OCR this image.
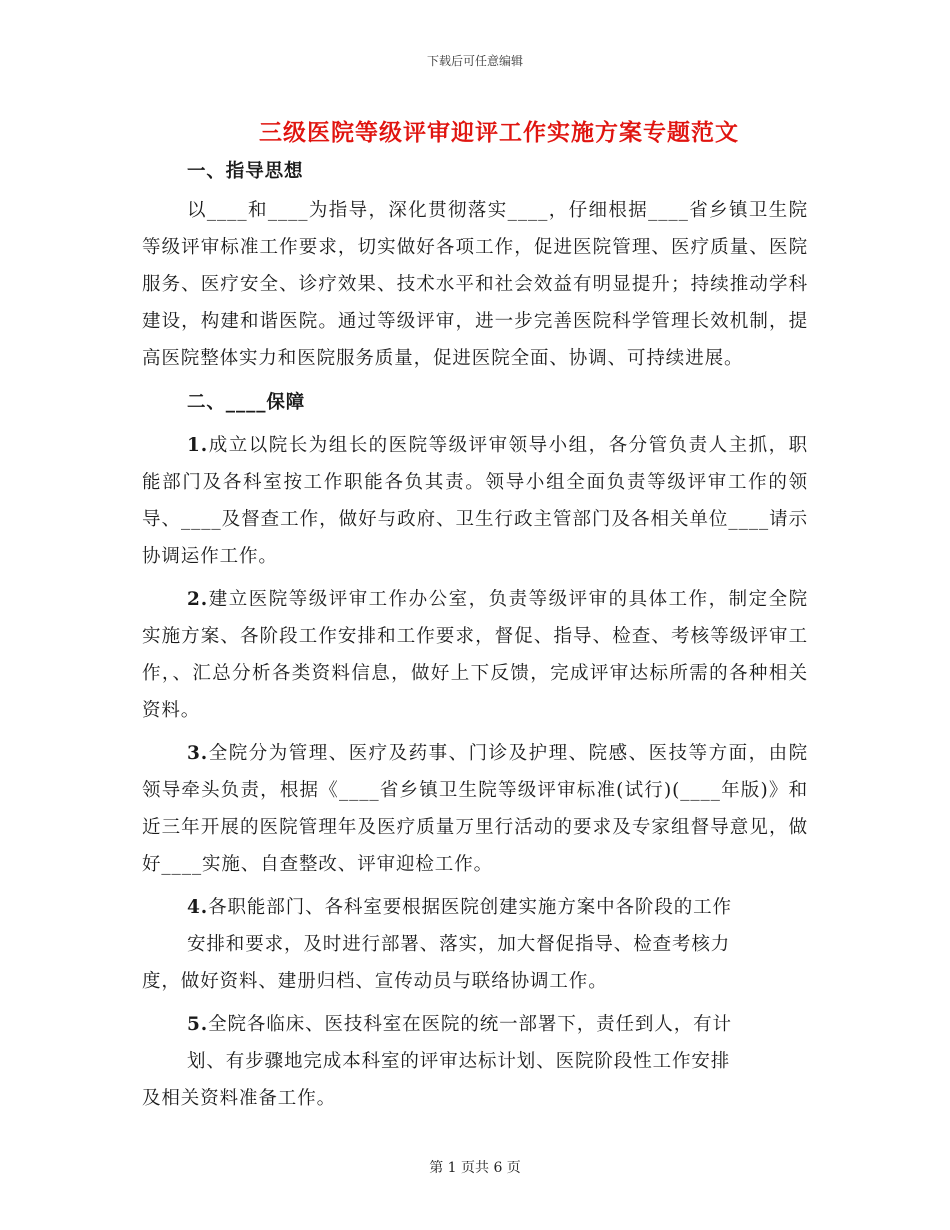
下载后可任意编辑
三级医院等级评审迎评工作实施方案专题范文

一、指导思想

以____和____为指导，深化贯彻落实____，仔细根据____省乡镇卫生院等级评审标准工作要求，切实做好各项工作，促进医院管理、医疗质量、医院服务、医疗安全、诊疗效果、技术水平和社会效益有明显提升；持续推动学科建设，构建和谐医院。通过等级评审，进一步完善医院科学管理长效机制，提高医院整体实力和医院服务质量，促进医院全面、协调、可持续进展。

二、____保障

1.成立以院长为组长的医院等级评审领导小组，各分管负责人主抓，职能部门及各科室按工作职能各负其责。领导小组全面负责等级评审工作的领导、____及督查工作，做好与政府、卫生行政主管部门及各相关单位____请示协调运作工作。

2.建立医院等级评审工作办公室，负责等级评审的具体工作，制定全院实施方案、各阶段工作安排和工作要求，督促、指导、检查、考核等级评审工作，、汇总分析各类资料信息，做好上下反馈，完成评审达标所需的各种相关资料。

3.全院分为管理、医疗及药事、门诊及护理、院感、医技等方面，由院领导牵头负责，根据《____省乡镇卫生院等级评审标准(试行)(____年版)》和近三年开展的医院管理年及医疗质量万里行活动的要求及专家组督导意见，做好____实施、自查整改、评审迎检工作。

4.各职能部门、各科室要根据医院创建实施方案中各阶段的工作

安排和要求，及时进行部署、落实，加大督促指导、检查考核力

度，做好资料、建册归档、宣传动员与联络协调工作。

5.全院各临床、医技科室在医院的统一部署下，责任到人，有计

划、有步骤地完成本科室的评审达标计划、医院阶段性工作安排

及相关资料准备工作。

第 1 页共 6 页
